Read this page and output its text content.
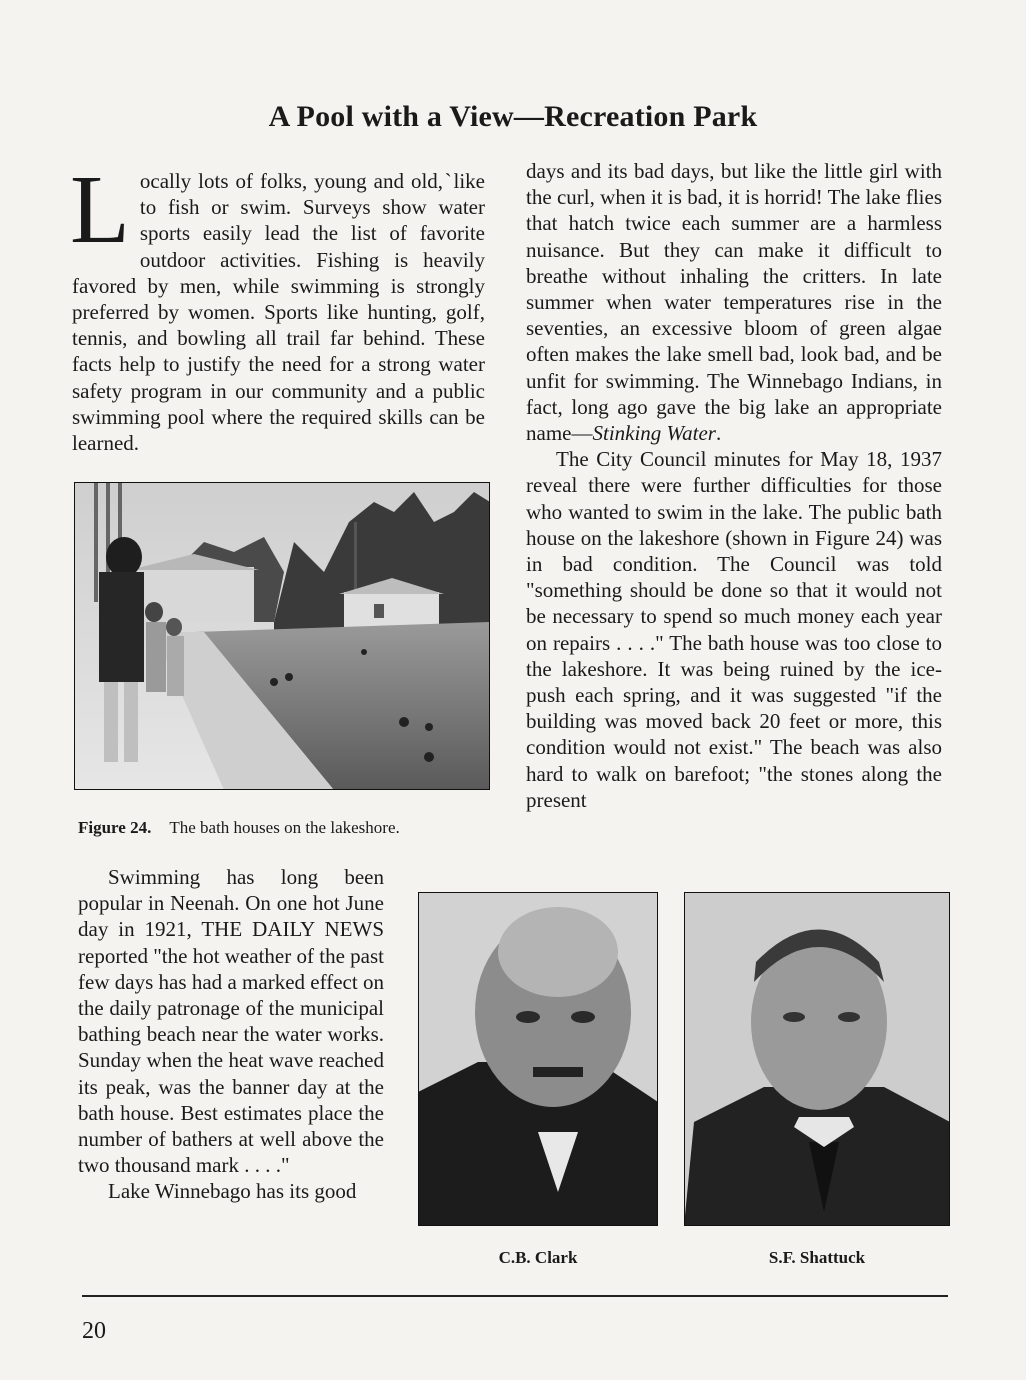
A Pool with a View—Recreation Park
Locally lots of folks, young and old,ˋlike to fish or swim. Surveys show water sports easily lead the list of favorite outdoor activities. Fishing is heavily favored by men, while swimming is strongly preferred by women. Sports like hunting, golf, tennis, and bowling all trail far behind. These facts help to justify the need for a strong water safety program in our community and a public swimming pool where the required skills can be learned.
Figure 24. The bath houses on the lakeshore.

Swimming has long been popular in Neenah. On one hot June day in 1921, THE DAILY NEWS reported "the hot weather of the past few days has had a marked effect on the daily patronage of the municipal bathing beach near the water works. Sunday when the heat wave reached its peak, was the banner day at the bath house. Best estimates place the number of bathers at well above the two thousand mark . . . ."

Lake Winnebago has its good

days and its bad days, but like the little girl with the curl, when it is bad, it is horrid! The lake flies that hatch twice each summer are a harmless nuisance. But they can make it difficult to breathe without inhaling the critters. In late summer when water temperatures rise in the seventies, an excessive bloom of green algae often makes the lake smell bad, look bad, and be unfit for swimming. The Winnebago Indians, in fact, long ago gave the big lake an appropriate name—Stinking Water.

The City Council minutes for May 18, 1937 reveal there were further difficulties for those who wanted to swim in the lake. The public bath house on the lakeshore (shown in Figure 24) was in bad condition. The Council was told "something should be done so that it would not be necessary to spend so much money each year on repairs . . . ." The bath house was too close to the lakeshore. It was being ruined by the ice-push each spring, and it was suggested "if the building was moved back 20 feet or more, this condition would not exist." The beach was also hard to walk on barefoot; "the stones along the present

C.B. Clark	S.F. Shattuck
20
